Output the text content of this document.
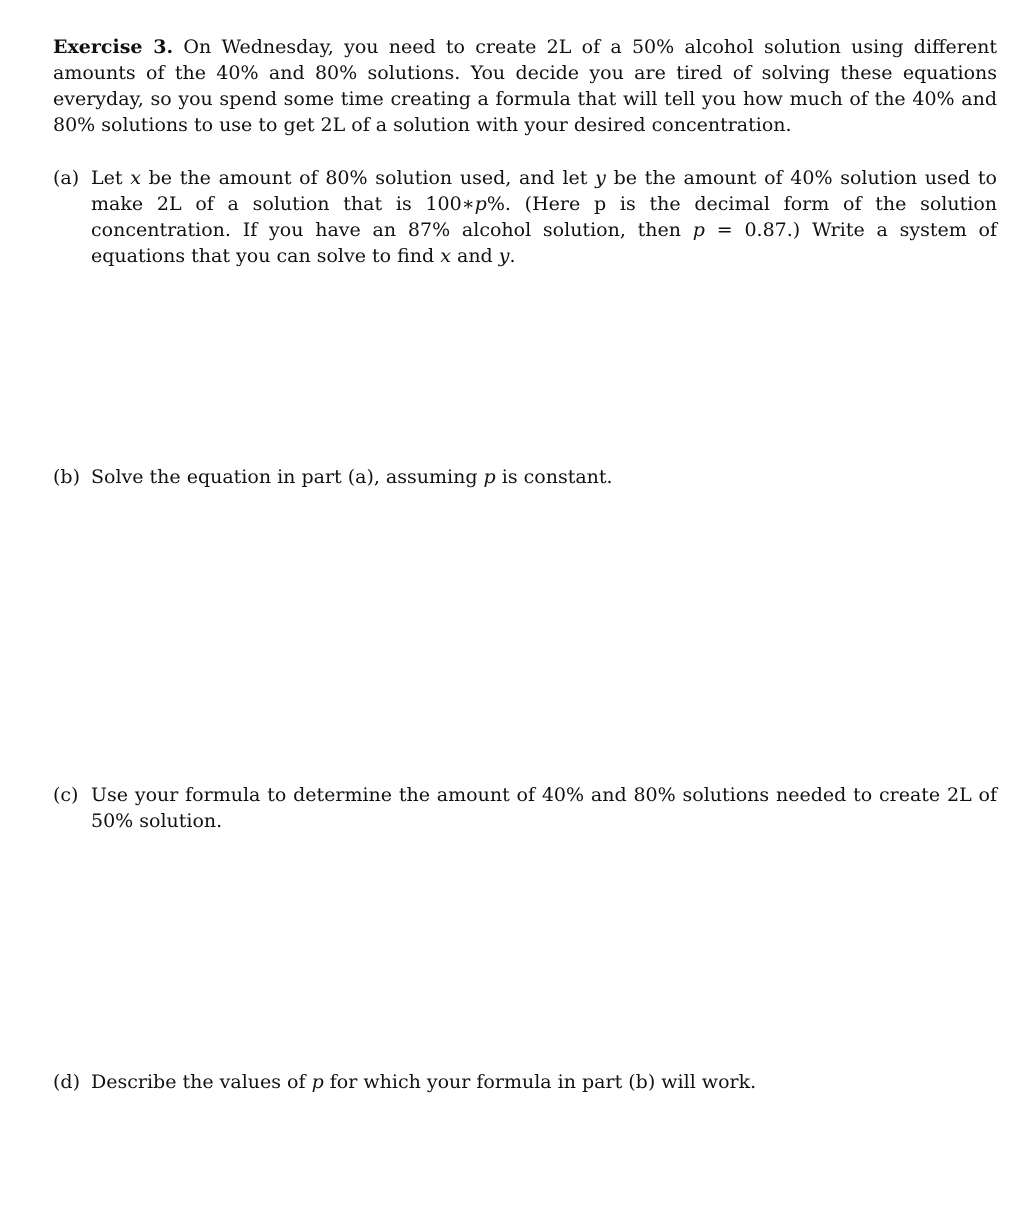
Exercise 3. On Wednesday, you need to create 2L of a 50% alcohol solution using different amounts of the 40% and 80% solutions. You decide you are tired of solving these equations everyday, so you spend some time creating a formula that will tell you how much of the 40% and 80% solutions to use to get 2L of a solution with your desired concentration.

(a) Let x be the amount of 80% solution used, and let y be the amount of 40% solution used to make 2L of a solution that is 100∗p%. (Here p is the decimal form of the solution concentration. If you have an 87% alcohol solution, then p = 0.87.) Write a system of equations that you can solve to find x and y.

(b) Solve the equation in part (a), assuming p is constant.

(c) Use your formula to determine the amount of 40% and 80% solutions needed to create 2L of 50% solution.

(d) Describe the values of p for which your formula in part (b) will work.
